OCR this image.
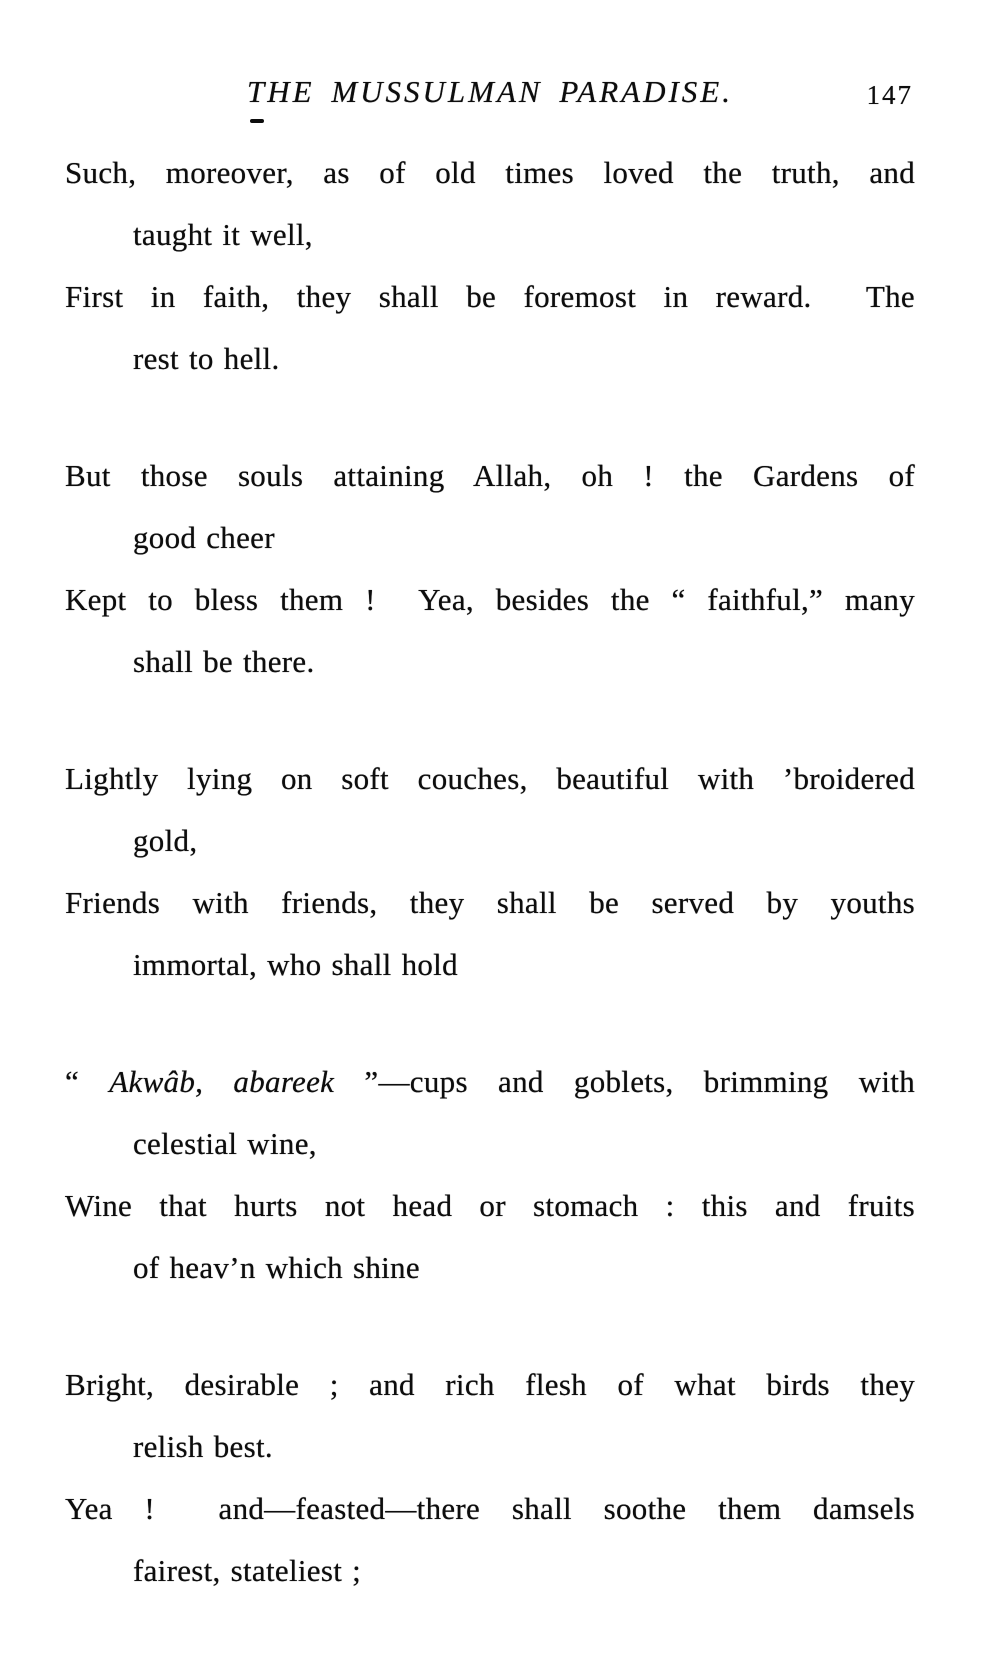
THE MUSSULMAN PARADISE.	147
Such, moreover, as of old times loved the truth, and
taught it well,
First in faith, they shall be foremost in reward.  The
rest to hell.
But those souls attaining Allah, oh ! the Gardens of
good cheer
Kept to bless them !  Yea, besides the “ faithful,” many
shall be there.
Lightly lying on soft couches, beautiful with ’broidered
gold,
Friends with friends, they shall be served by youths
immortal, who shall hold
“ Akwâb, abareek ”—cups and goblets, brimming with
celestial wine,
Wine that hurts not head or stomach : this and fruits
of heav’n which shine
Bright, desirable ; and rich flesh of what birds they
relish best.
Yea !  and—feasted—there shall soothe them damsels
fairest, stateliest ;
